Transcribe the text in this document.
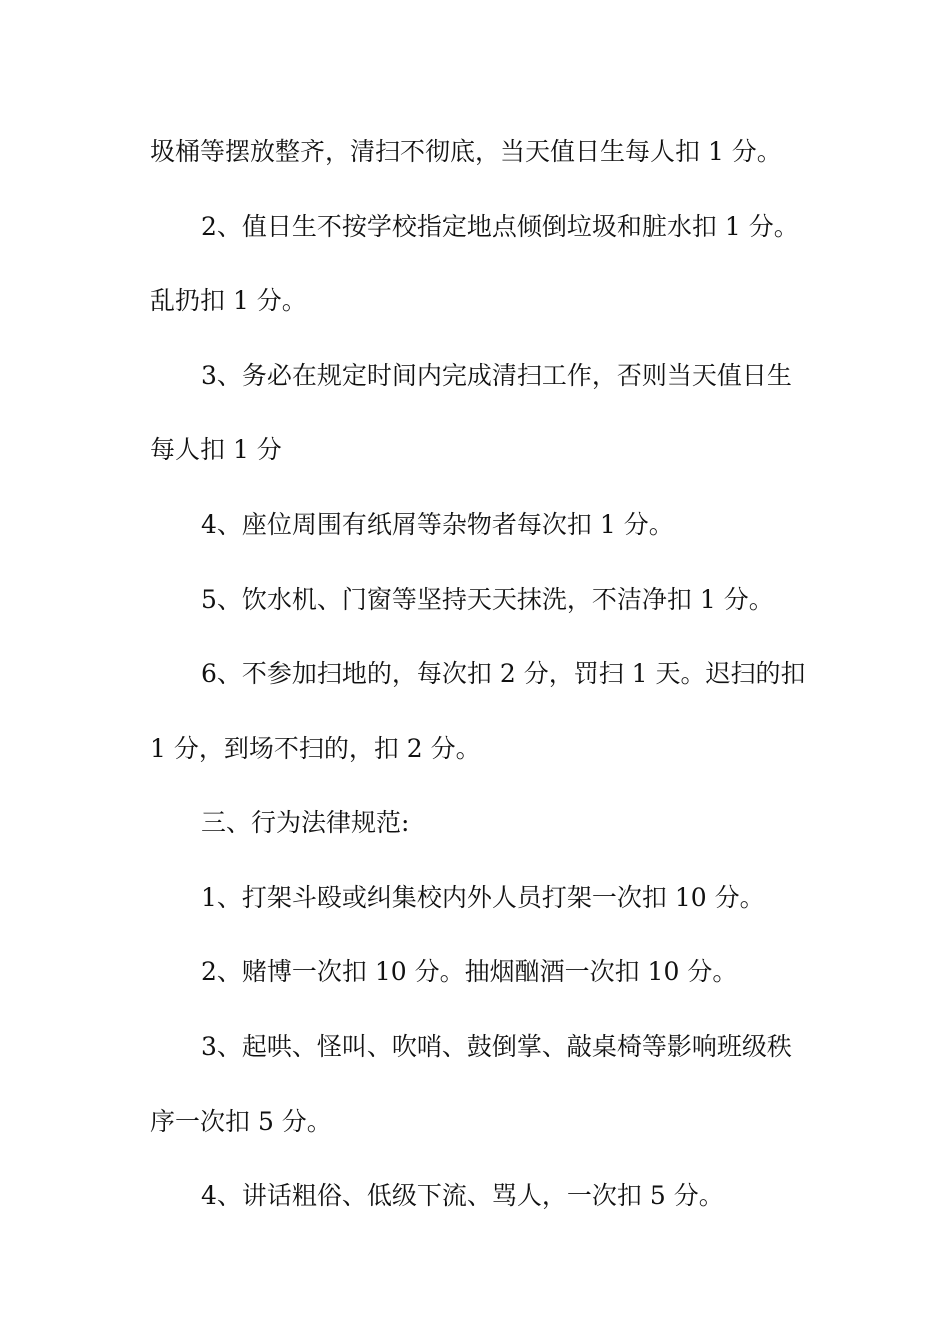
圾桶等摆放整齐，清扫不彻底，当天值日生每人扣 1 分。
2、值日生不按学校指定地点倾倒垃圾和脏水扣 1 分。
乱扔扣 1 分。
3、务必在规定时间内完成清扫工作，否则当天值日生
每人扣 1 分
4、座位周围有纸屑等杂物者每次扣 1 分。
5、饮水机、门窗等坚持天天抹洗，不洁净扣 1 分。
6、不参加扫地的，每次扣 2 分，罚扫 1 天。迟扫的扣
1 分，到场不扫的，扣 2 分。
三、行为法律规范:
1、打架斗殴或纠集校内外人员打架一次扣 10 分。
2、赌博一次扣 10 分。抽烟酗酒一次扣 10 分。
3、起哄、怪叫、吹哨、鼓倒掌、敲桌椅等影响班级秩
序一次扣 5 分。
4、讲话粗俗、低级下流、骂人，一次扣 5 分。
